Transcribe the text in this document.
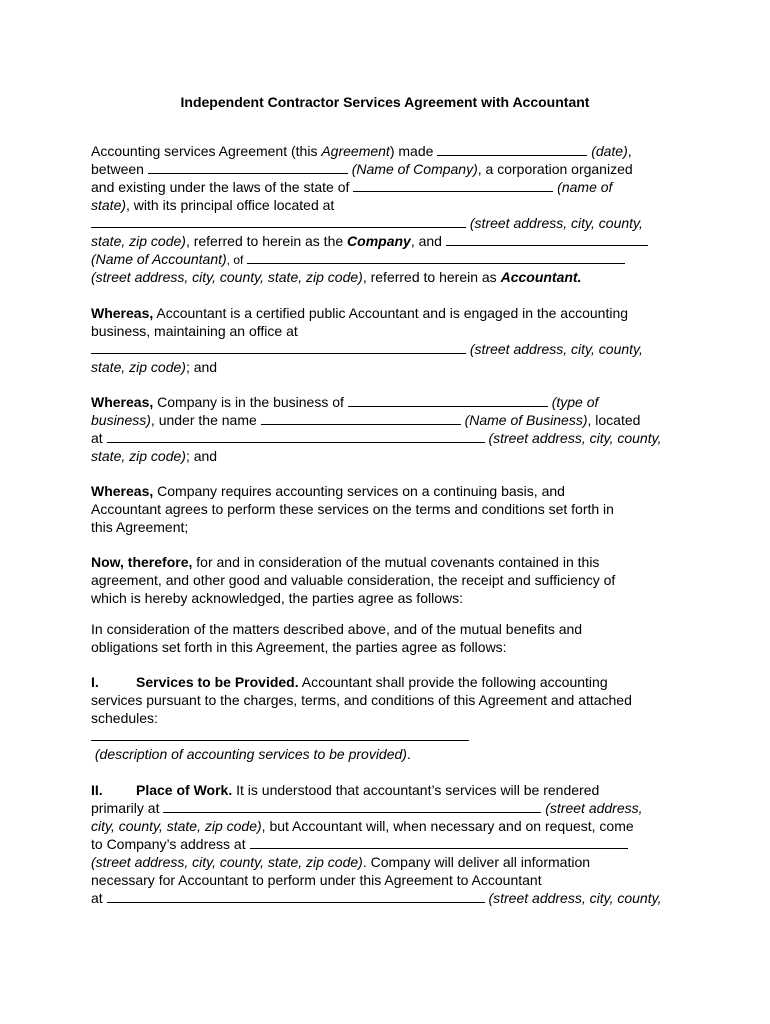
Independent Contractor Services Agreement with Accountant
Accounting services Agreement (this Agreement) made	(date),
between	(Name of Company), a corporation organized
and existing under the laws of the state of	(name of
state), with its principal office located at
(street address, city, county,
state, zip code), referred to herein as the Company, and
(Name of Accountant), of
(street address, city, county, state, zip code), referred to herein as Accountant.
Whereas, Accountant is a certified public Accountant and is engaged in the accounting
business, maintaining an office at
(street address, city, county,
state, zip code); and
Whereas, Company is in the business of	(type of
business), under the name	(Name of Business), located
at	(street address, city, county,
state, zip code); and
Whereas, Company requires accounting services on a continuing basis, and
Accountant agrees to perform these services on the terms and conditions set forth in
this Agreement;
Now, therefore, for and in consideration of the mutual covenants contained in this
agreement, and other good and valuable consideration, the receipt and sufficiency of
which is hereby acknowledged, the parties agree as follows:
In consideration of the matters described above, and of the mutual benefits and
obligations set forth in this Agreement, the parties agree as follows:
I.	Services to be Provided. Accountant shall provide the following accounting
services pursuant to the charges, terms, and conditions of this Agreement and attached
schedules:
(description of accounting services to be provided).
II. Place of Work. It is understood that accountant’s services will be rendered
primarily at	(street address,
city, county, state, zip code), but Accountant will, when necessary and on request, come
to Company’s address at
(street address, city, county, state, zip code). Company will deliver all information
necessary for Accountant to perform under this Agreement to Accountant
at	(street address, city, county,
